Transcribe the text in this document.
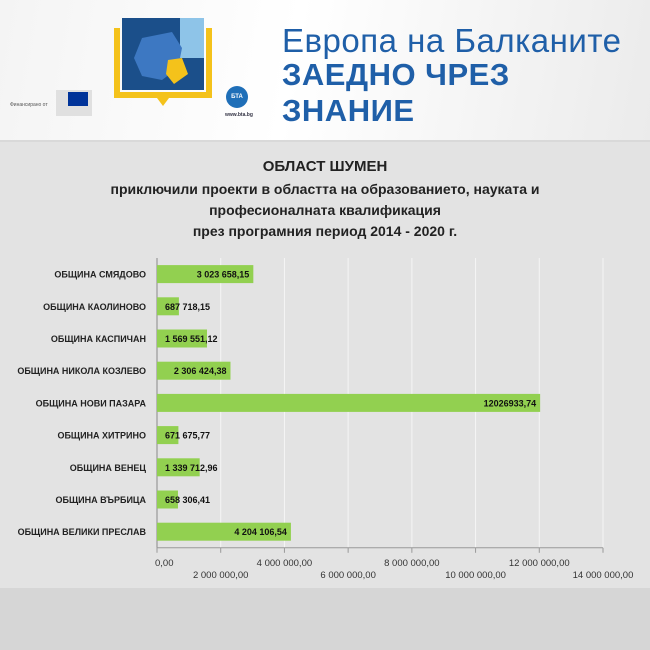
Европа на Балканите
ЗАЕДНО ЧРЕЗ ЗНАНИЕ
Финансирано от
БТА
www.bta.bg
ОБЛАСТ ШУМЕН
приключили проекти в областта на образованието, науката и
професионалната квалификация
през програмния период 2014 - 2020 г.
0,00
2 000 000,00
4 000 000,00
6 000 000,00
8 000 000,00
10 000 000,00
12 000 000,00
14 000 000,00
ОБЩИНА СМЯДОВО	3 023 658,15
ОБЩИНА КАОЛИНОВО 687 718,15
ОБЩИНА КАСПИЧАН 1 569 551,12
ОБЩИНА НИКОЛА КОЗЛЕВО	2 306 424,38
ОБЩИНА НОВИ ПАЗАРА	12026933,74
ОБЩИНА ХИТРИНО 671 675,77
ОБЩИНА ВЕНЕЦ 1 339 712,96
ОБЩИНА ВЪРБИЦА 658 306,41
ОБЩИНА ВЕЛИКИ ПРЕСЛАВ	4 204 106,54
